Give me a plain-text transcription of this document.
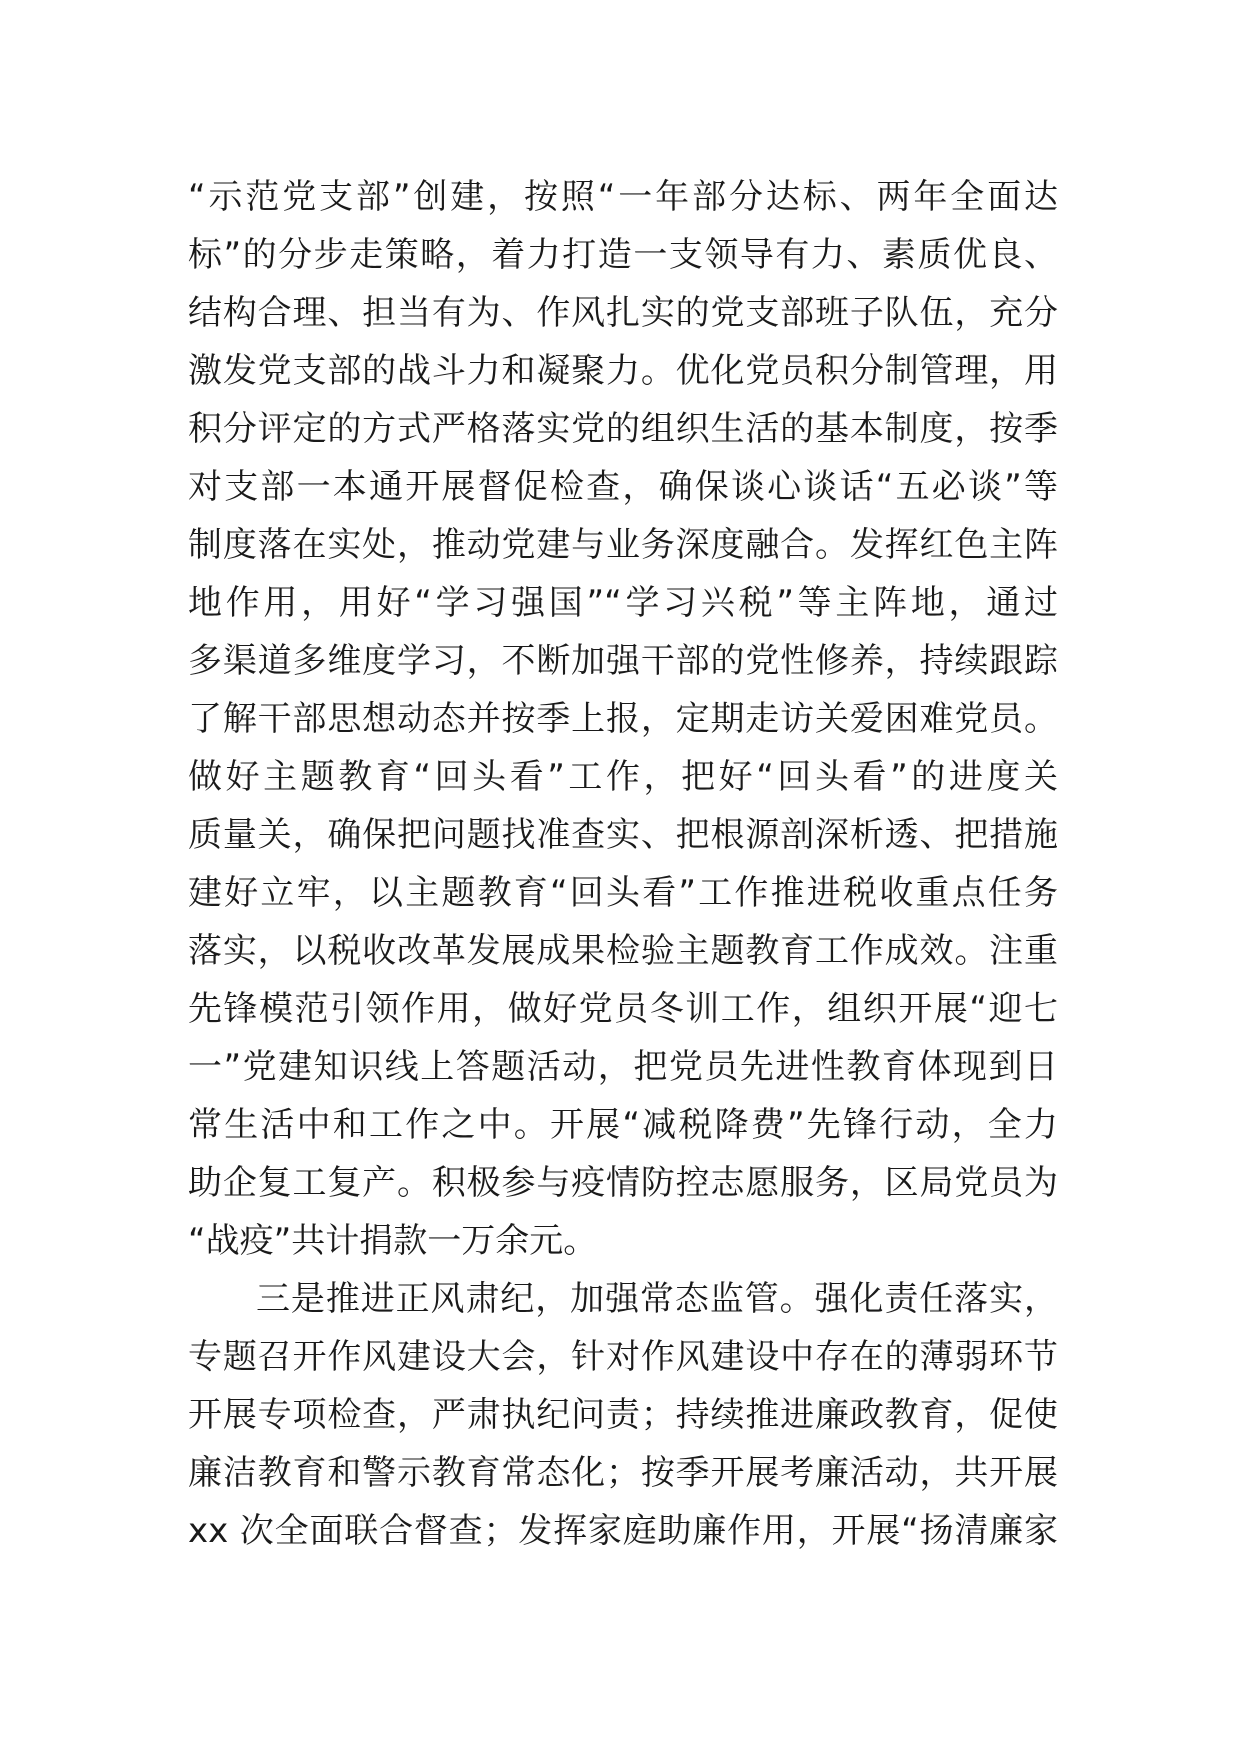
“示范党支部”创建，按照“一年部分达标、两年全面达
标”的分步走策略，着力打造一支领导有力、素质优良、
结构合理、担当有为、作风扎实的党支部班子队伍，充分
激发党支部的战斗力和凝聚力。优化党员积分制管理，用
积分评定的方式严格落实党的组织生活的基本制度，按季
对支部一本通开展督促检查，确保谈心谈话“五必谈”等
制度落在实处，推动党建与业务深度融合。发挥红色主阵
地作用，用好“学习强国”“学习兴税”等主阵地，通过
多渠道多维度学习，不断加强干部的党性修养，持续跟踪
了解干部思想动态并按季上报，定期走访关爱困难党员。
做好主题教育“回头看”工作，把好“回头看”的进度关
质量关，确保把问题找准查实、把根源剖深析透、把措施
建好立牢，以主题教育“回头看”工作推进税收重点任务
落实，以税收改革发展成果检验主题教育工作成效。注重
先锋模范引领作用，做好党员冬训工作，组织开展“迎七
一”党建知识线上答题活动，把党员先进性教育体现到日
常生活中和工作之中。开展“减税降费”先锋行动，全力
助企复工复产。积极参与疫情防控志愿服务，区局党员为
“战疫”共计捐款一万余元。
三是推进正风肃纪，加强常态监管。强化责任落实，
专题召开作风建设大会，针对作风建设中存在的薄弱环节
开展专项检查，严肃执纪问责；持续推进廉政教育，促使
廉洁教育和警示教育常态化；按季开展考廉活动，共开展
xx 次全面联合督查；发挥家庭助廉作用，开展“扬清廉家
